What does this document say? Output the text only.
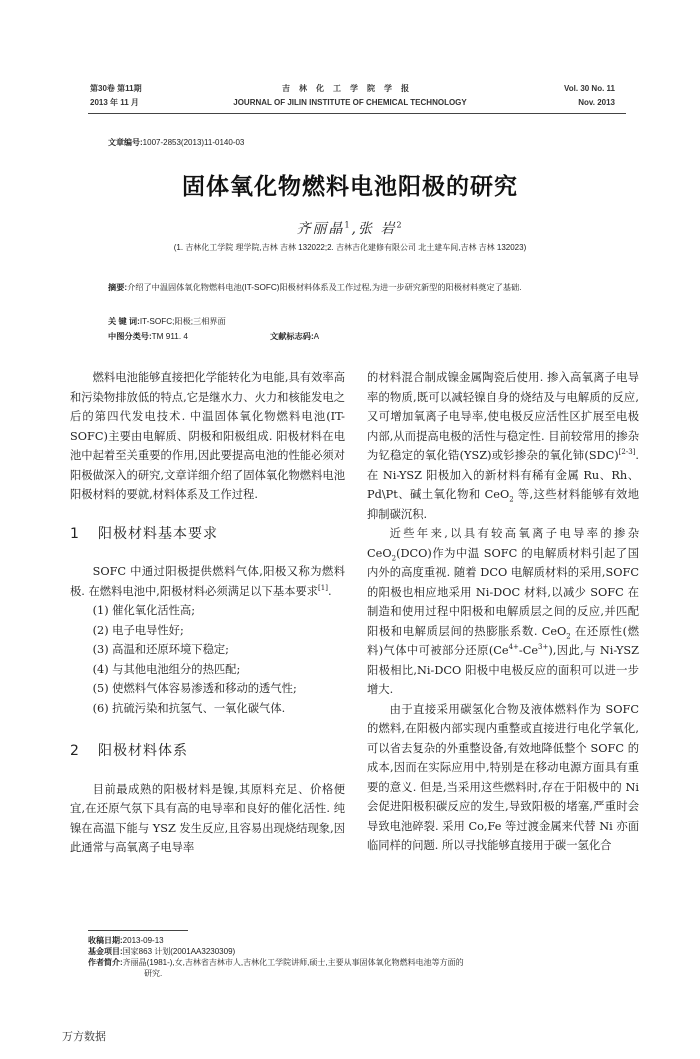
第30卷 第11期
2013 年 11 月
吉林化工学院学报
JOURNAL OF JILIN INSTITUTE OF CHEMICAL TECHNOLOGY
Vol. 30 No. 11
Nov. 2013
文章编号:1007-2853(2013)11-0140-03
固体氧化物燃料电池阳极的研究
齐丽晶$^1$,张 岩$^2$
(1. 吉林化工学院 理学院,吉林 吉林 132022;2. 吉林吉化建修有限公司 北土建车间,吉林 吉林 132023)
摘要:介绍了中温固体氧化物燃料电池(IT-SOFC)阳极材料体系及工作过程,为进一步研究新型的阳极材料奠定了基础.
关 键 词:IT-SOFC;阳极;三相界面
中图分类号:TM 911. 4	文献标志码:A

燃料电池能够直接把化学能转化为电能,具有效率高和污染物排放低的特点,它是继水力、火力和核能发电之后的第四代发电技术. 中温固体氧化物燃料电池(IT-SOFC)主要由电解质、阴极和阳极组成. 阳极材料在电池中起着至关重要的作用,因此要提高电池的性能必须对阳极做深入的研究,文章详细介绍了固体氧化物燃料电池阳极材料的要就,材料体系及工作过程.

1 阳极材料基本要求

SOFC 中通过阳极提供燃料气体,阳极又称为燃料极. 在燃料电池中,阳极材料必须满足以下基本要求[1].

(1) 催化氧化活性高;

(2) 电子电导性好;

(3) 高温和还原环境下稳定;

(4) 与其他电池组分的热匹配;

(5) 使燃料气体容易渗透和移动的透气性;

(6) 抗硫污染和抗氢气、一氧化碳气体.

2 阳极材料体系

目前最成熟的阳极材料是镍,其原料充足、价格便宜,在还原气氛下具有高的电导率和良好的催化活性. 纯镍在高温下能与 YSZ 发生反应,且容易出现烧结现象,因此通常与高氧离子电导率

的材料混合制成镍金属陶瓷后使用. 掺入高氧离子电导率的物质,既可以减轻镍自身的烧结及与电解质的反应,又可增加氧离子电导率,使电极反应活性区扩展至电极内部,从而提高电极的活性与稳定性. 目前较常用的掺杂为钇稳定的氧化锆(YSZ)或钐掺杂的氧化铈(SDC)[2-3]. 在 Ni-YSZ 阳极加入的新材料有稀有金属 Ru、Rh、Pd\Pt、碱土氧化物和 CeO$_2$ 等,这些材料能够有效地抑制碳沉积.

近些年来,以具有较高氧离子电导率的掺杂 CeO$_2$(DCO)作为中温 SOFC 的电解质材料引起了国内外的高度重视. 随着 DCO 电解质材料的采用,SOFC 的阳极也相应地采用 Ni-DOC 材料,以减少 SOFC 在制造和使用过程中阳极和电解质层之间的反应,并匹配阳极和电解质层间的热膨胀系数. CeO$_2$ 在还原性(燃料)气体中可被部分还原$(Ce^{4+}-Ce^{3+})$,因此,与 Ni-YSZ 阳极相比,Ni-DCO 阳极中电极反应的面积可以进一步增大.

由于直接采用碳氢化合物及液体燃料作为 SOFC 的燃料,在阳极内部实现内重整或直接进行电化学氧化,可以省去复杂的外重整设备,有效地降低整个 SOFC 的成本,因而在实际应用中,特别是在移动电源方面具有重要的意义. 但是,当采用这些燃料时,存在于阳极中的 Ni 会促进阳极积碳反应的发生,导致阳极的堵塞,严重时会导致电池碎裂. 采用 Co,Fe 等过渡金属来代替 Ni 亦面临同样的问题. 所以寻找能够直接用于碳一氢化合

收稿日期:2013-09-13
基金项目:国家863 计划(2001AA3230309)
作者简介:齐丽晶(1981-),女,吉林省吉林市人,吉林化工学院讲师,硕士,主要从事固体氧化物燃料电池等方面的
研究.
万方数据
